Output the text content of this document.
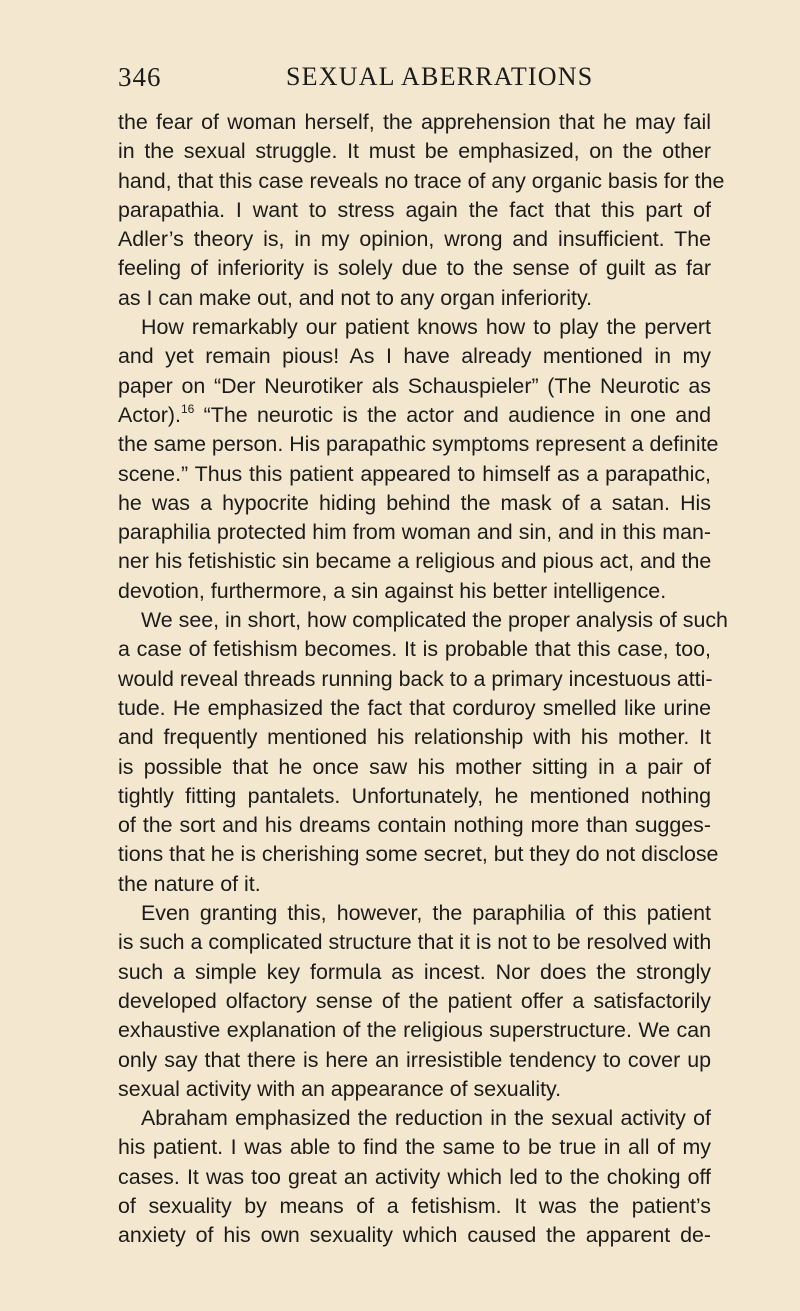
346	SEXUAL ABERRATIONS
the fear of woman herself, the apprehension that he may fail
in the sexual struggle. It must be emphasized, on the other
hand, that this case reveals no trace of any organic basis for the
parapathia. I want to stress again the fact that this part of
Adler’s theory is, in my opinion, wrong and insufficient. The
feeling of inferiority is solely due to the sense of guilt as far
as I can make out, and not to any organ inferiority.
How remarkably our patient knows how to play the pervert
and yet remain pious! As I have already mentioned in my
paper on “Der Neurotiker als Schauspieler” (The Neurotic as
Actor).$^{16}$ “The neurotic is the actor and audience in one and
the same person. His parapathic symptoms represent a definite
scene.” Thus this patient appeared to himself as a parapathic,
he was a hypocrite hiding behind the mask of a satan. His
paraphilia protected him from woman and sin, and in this man-
ner his fetishistic sin became a religious and pious act, and the
devotion, furthermore, a sin against his better intelligence.
We see, in short, how complicated the proper analysis of such
a case of fetishism becomes. It is probable that this case, too,
would reveal threads running back to a primary incestuous atti-
tude. He emphasized the fact that corduroy smelled like urine
and frequently mentioned his relationship with his mother. It
is possible that he once saw his mother sitting in a pair of
tightly fitting pantalets. Unfortunately, he mentioned nothing
of the sort and his dreams contain nothing more than sugges-
tions that he is cherishing some secret, but they do not disclose
the nature of it.
Even granting this, however, the paraphilia of this patient
is such a complicated structure that it is not to be resolved with
such a simple key formula as incest. Nor does the strongly
developed olfactory sense of the patient offer a satisfactorily
exhaustive explanation of the religious superstructure. We can
only say that there is here an irresistible tendency to cover up
sexual activity with an appearance of sexuality.
Abraham emphasized the reduction in the sexual activity of
his patient. I was able to find the same to be true in all of my
cases. It was too great an activity which led to the choking off
of sexuality by means of a fetishism. It was the patient’s
anxiety of his own sexuality which caused the apparent de-
